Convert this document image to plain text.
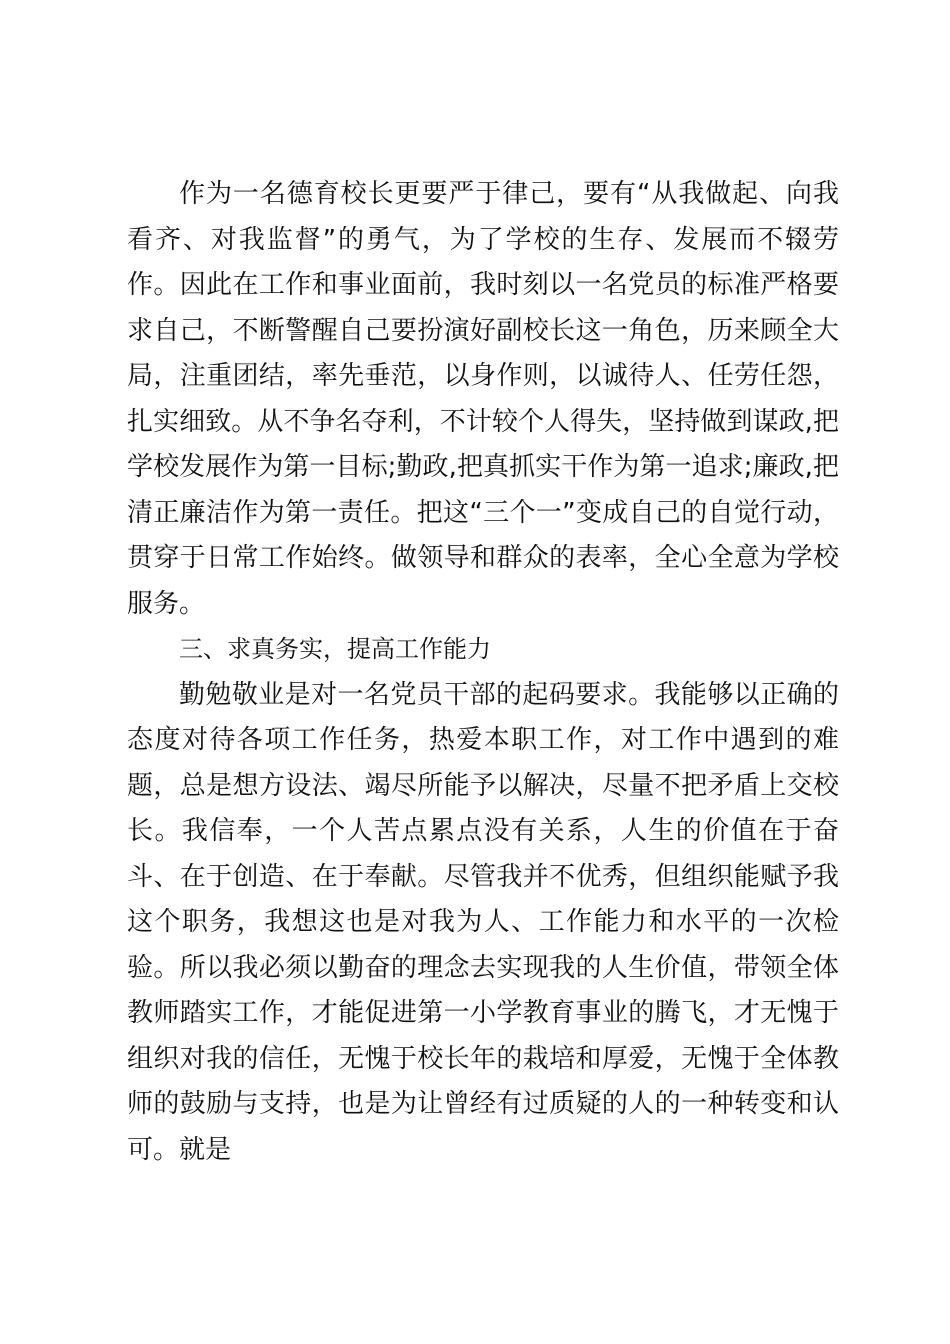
作为一名德育校长更要严于律己，要有“从我做起、向我看齐、对我监督”的勇气，为了学校的生存、发展而不辍劳作。因此在工作和事业面前，我时刻以一名党员的标准严格要求自己，不断警醒自己要扮演好副校长这一角色，历来顾全大局，注重团结，率先垂范，以身作则，以诚待人、任劳任怨，扎实细致。从不争名夺利，不计较个人得失，坚持做到谋政,把学校发展作为第一目标;勤政,把真抓实干作为第一追求;廉政,把清正廉洁作为第一责任。把这“三个一”变成自己的自觉行动，贯穿于日常工作始终。做领导和群众的表率，全心全意为学校服务。

三、求真务实，提高工作能力

勤勉敬业是对一名党员干部的起码要求。我能够以正确的态度对待各项工作任务，热爱本职工作，对工作中遇到的难题，总是想方设法、竭尽所能予以解决，尽量不把矛盾上交校长。我信奉，一个人苦点累点没有关系，人生的价值在于奋斗、在于创造、在于奉献。尽管我并不优秀，但组织能赋予我这个职务，我想这也是对我为人、工作能力和水平的一次检验。所以我必须以勤奋的理念去实现我的人生价值，带领全体教师踏实工作，才能促进第一小学教育事业的腾飞，才无愧于组织对我的信任，无愧于校长年的栽培和厚爱，无愧于全体教师的鼓励与支持，也是为让曾经有过质疑的人的一种转变和认可。就是
